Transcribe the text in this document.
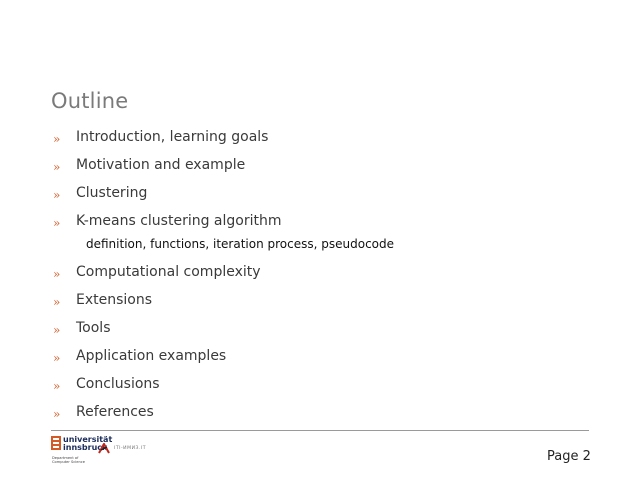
Outline
» Introduction, learning goals
» Motivation and example
» Clustering
» K-means clustering algorithm
definition, functions, iteration process, pseudocode
» Computational complexity
» Extensions
» Tools
» Application examples
» Conclusions
» References
universität
innsbruck
Department of
Computer Science
ITI-ИМИЗ.IT
Page 2
